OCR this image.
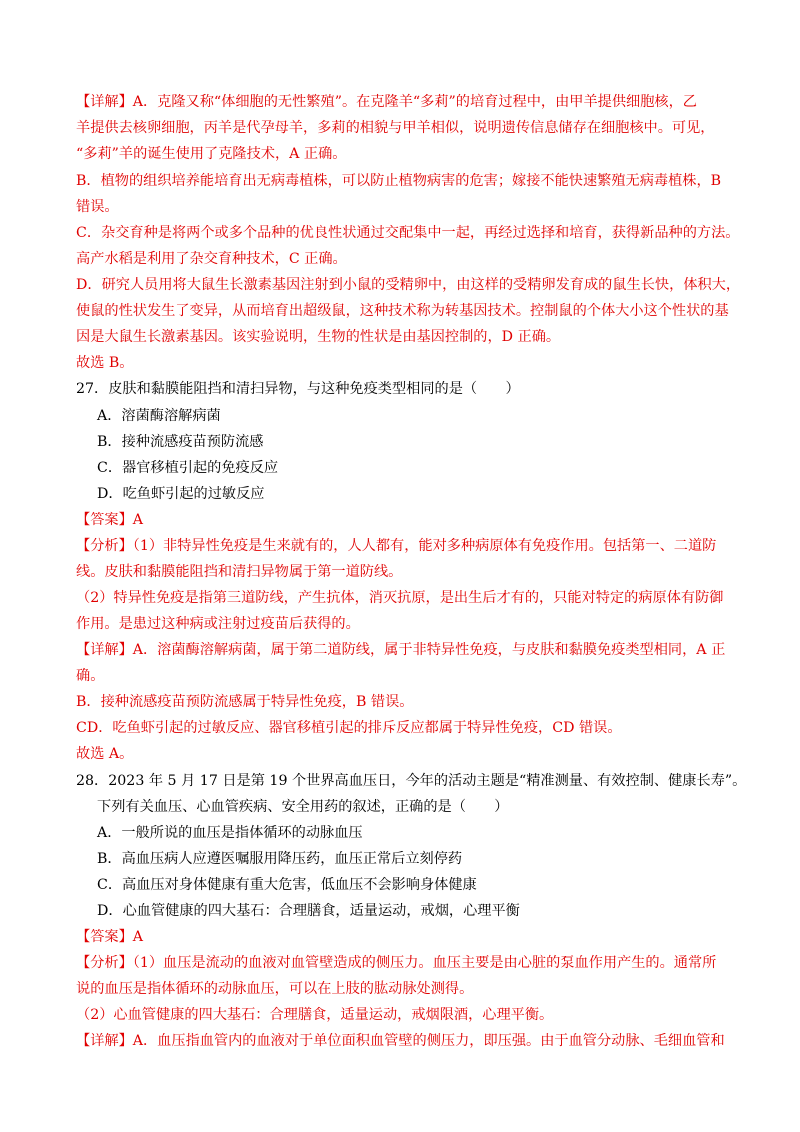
【详解】A．克隆又称“体细胞的无性繁殖”。在克隆羊“多莉”的培育过程中，由甲羊提供细胞核，乙
羊提供去核卵细胞，丙羊是代孕母羊，多莉的相貌与甲羊相似，说明遗传信息储存在细胞核中。可见，
“多莉”羊的诞生使用了克隆技术，A 正确。
B．植物的组织培养能培育出无病毒植株，可以防止植物病害的危害；嫁接不能快速繁殖无病毒植株，B
错误。
C．杂交育种是将两个或多个品种的优良性状通过交配集中一起，再经过选择和培育，获得新品种的方法。
高产水稻是利用了杂交育种技术，C 正确。
D．研究人员用将大鼠生长激素基因注射到小鼠的受精卵中，由这样的受精卵发育成的鼠生长快，体积大，
使鼠的性状发生了变异，从而培育出超级鼠，这种技术称为转基因技术。控制鼠的个体大小这个性状的基
因是大鼠生长激素基因。该实验说明，生物的性状是由基因控制的，D 正确。
故选 B。
27．皮肤和黏膜能阻挡和清扫异物，与这种免疫类型相同的是（　　）
A．溶菌酶溶解病菌
B．接种流感疫苗预防流感
C．器官移植引起的免疫反应
D．吃鱼虾引起的过敏反应
【答案】A
【分析】（1）非特异性免疫是生来就有的，人人都有，能对多种病原体有免疫作用。包括第一、二道防
线。皮肤和黏膜能阻挡和清扫异物属于第一道防线。
（2）特异性免疫是指第三道防线，产生抗体，消灭抗原，是出生后才有的，只能对特定的病原体有防御
作用。是患过这种病或注射过疫苗后获得的。
【详解】A．溶菌酶溶解病菌，属于第二道防线，属于非特异性免疫，与皮肤和黏膜免疫类型相同，A 正
确。
B．接种流感疫苗预防流感属于特异性免疫，B 错误。
CD．吃鱼虾引起的过敏反应、器官移植引起的排斥反应都属于特异性免疫，CD 错误。
故选 A。
28．2023 年 5 月 17 日是第 19 个世界高血压日，今年的活动主题是“精准测量、有效控制、健康长寿”。
下列有关血压、心血管疾病、安全用药的叙述，正确的是（　　）
A．一般所说的血压是指体循环的动脉血压
B．高血压病人应遵医嘱服用降压药，血压正常后立刻停药
C．高血压对身体健康有重大危害，低血压不会影响身体健康
D．心血管健康的四大基石：合理膳食，适量运动，戒烟，心理平衡
【答案】A
【分析】（1）血压是流动的血液对血管壁造成的侧压力。血压主要是由心脏的泵血作用产生的。通常所
说的血压是指体循环的动脉血压，可以在上肢的肱动脉处测得。
（2）心血管健康的四大基石：合理膳食，适量运动，戒烟限酒，心理平衡。
【详解】A．血压指血管内的血液对于单位面积血管壁的侧压力，即压强。由于血管分动脉、毛细血管和
